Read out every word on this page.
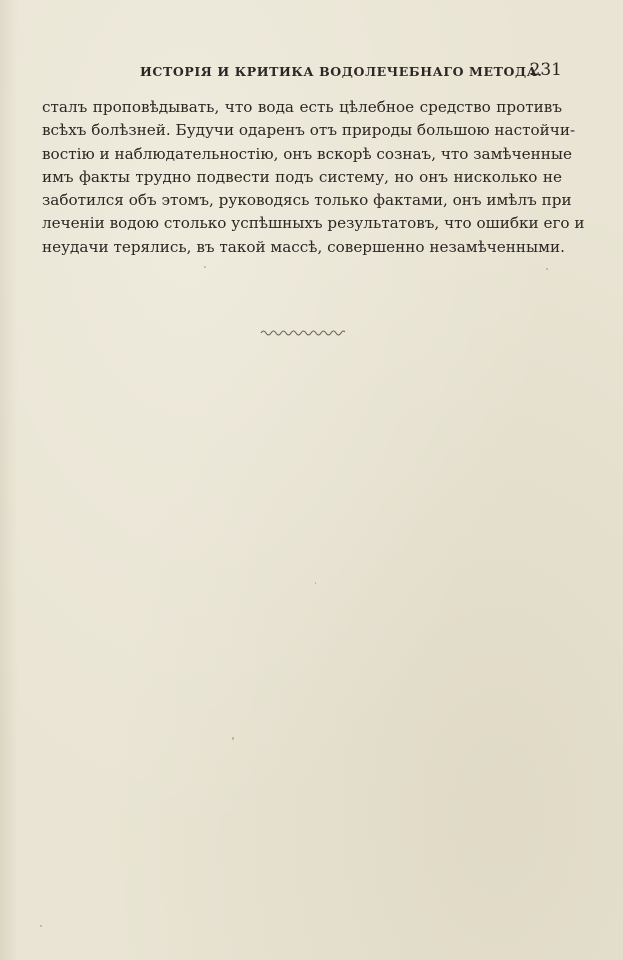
ИСТОРІЯ И КРИТИКА ВОДОЛЕЧЕБНАГО МЕТОДА.
231
сталъ проповѣдывать, что вода есть цѣлебное средство противъ
всѣхъ болѣзней. Будучи одаренъ отъ природы большою настойчи-
востію и наблюдательностію, онъ вскорѣ сознаъ, что замѣченные
имъ факты трудно подвести подъ систему, но онъ нисколько не
заботился объ этомъ, руководясь только фактами, онъ имѣлъ при
леченіи водою столько успѣшныхъ результатовъ, что ошибки его и
неудачи терялись, въ такой массѣ, совершенно незамѣченными.
